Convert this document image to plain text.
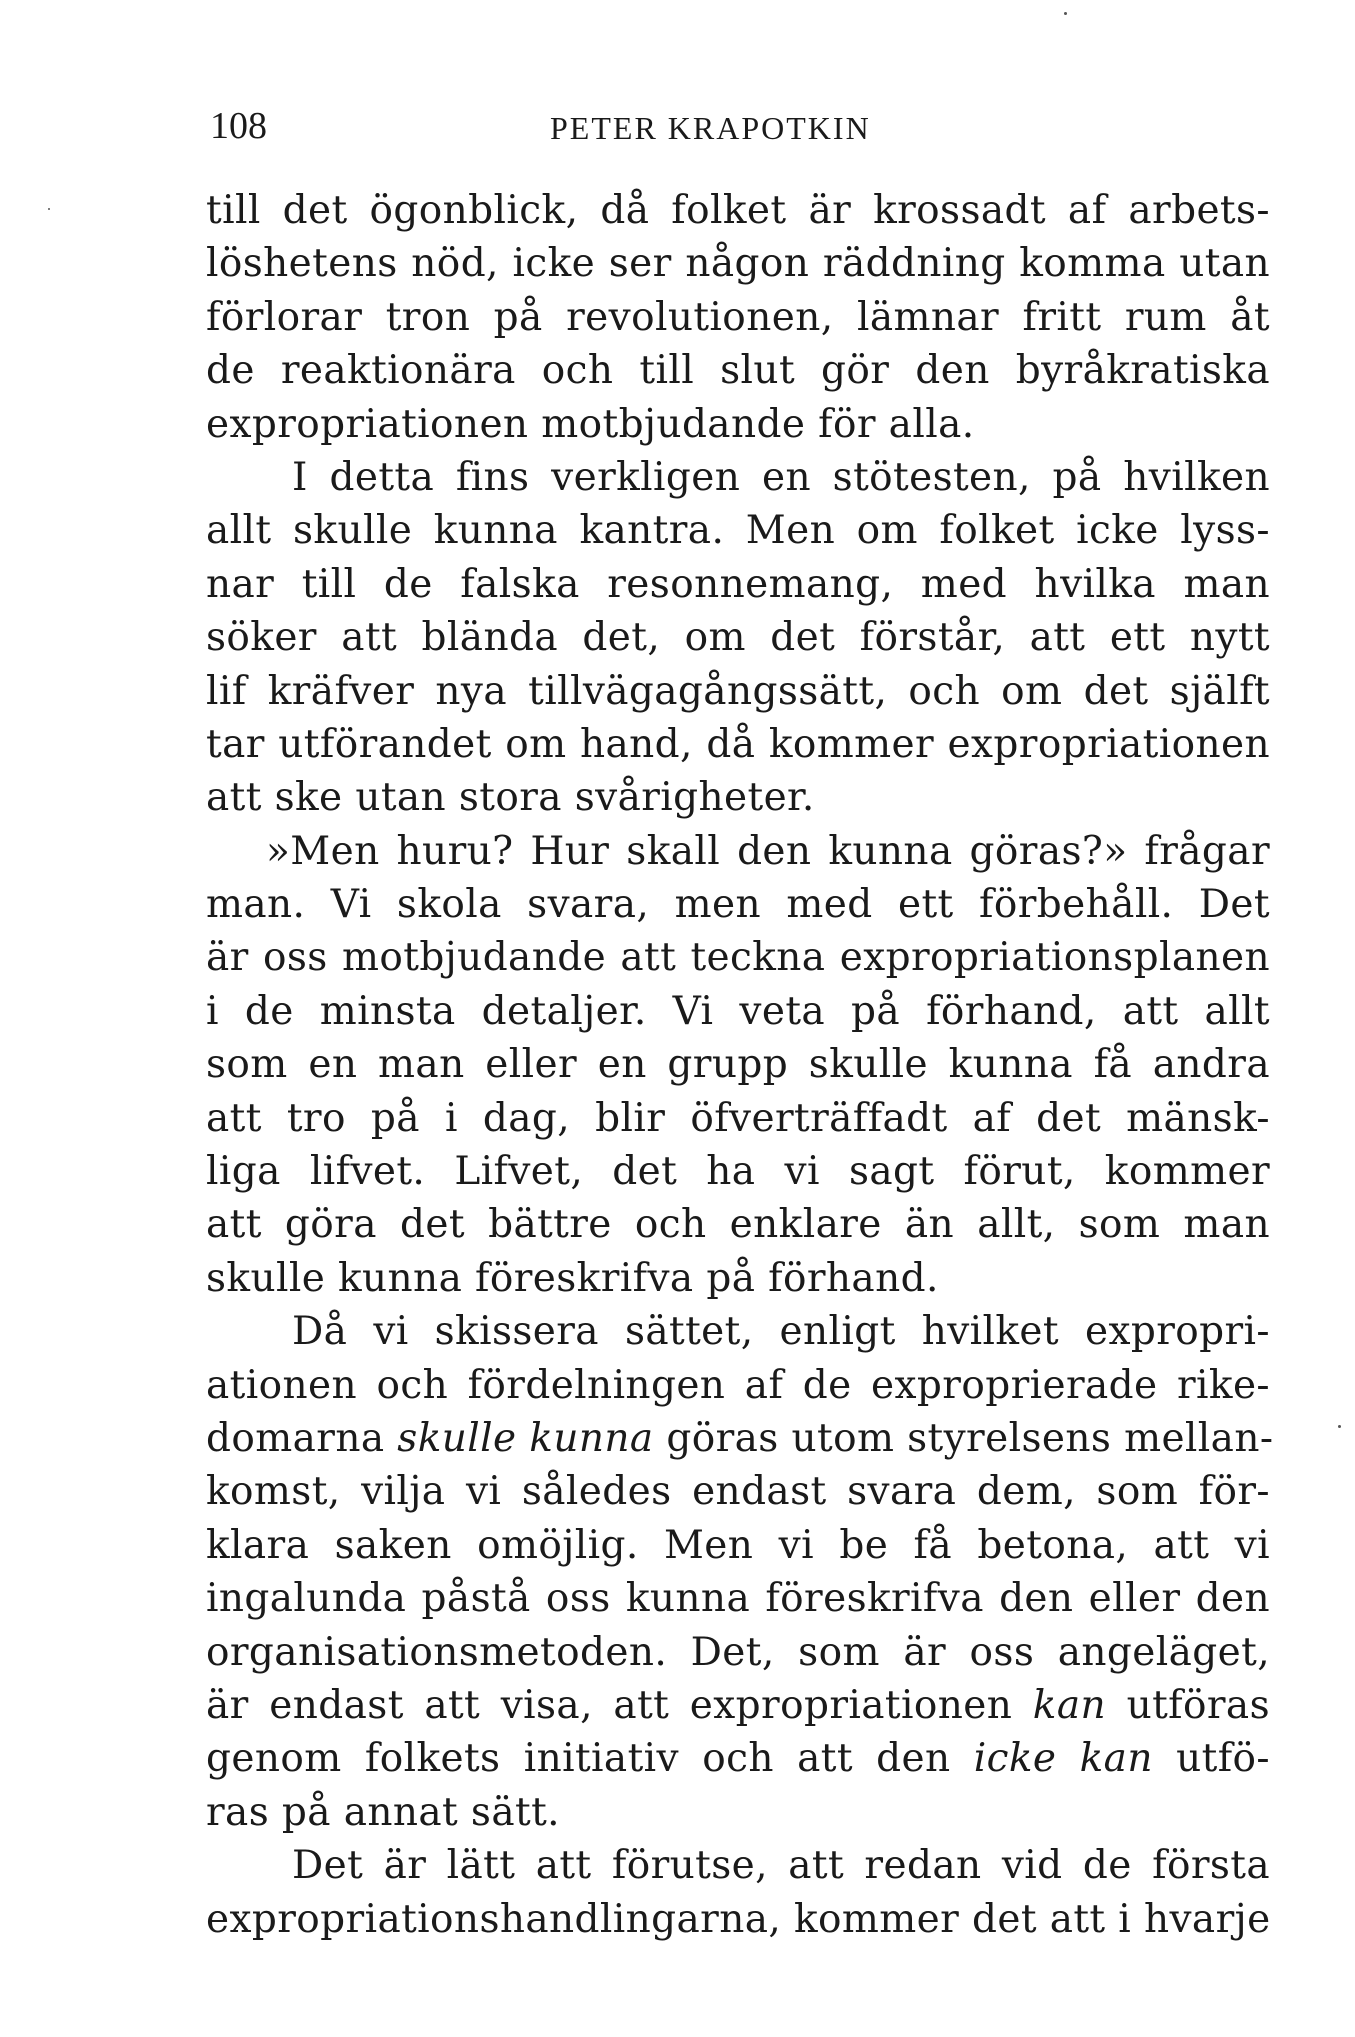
108	PETER KRAPOTKIN
till det ögonblick, då folket är krossadt af arbets-
löshetens nöd, icke ser någon räddning komma utan
förlorar tron på revolutionen, lämnar fritt rum åt
de reaktionära och till slut gör den byråkratiska
expropriationen motbjudande för alla.
I detta fins verkligen en stötesten, på hvilken
allt skulle kunna kantra. Men om folket icke lyss-
nar till de falska resonnemang, med hvilka man
söker att blända det, om det förstår, att ett nytt
lif kräfver nya tillvägagångssätt, och om det själft
tar utförandet om hand, då kommer expropriationen
att ske utan stora svårigheter.
»Men huru? Hur skall den kunna göras?» frågar
man. Vi skola svara, men med ett förbehåll. Det
är oss motbjudande att teckna expropriationsplanen
i de minsta detaljer. Vi veta på förhand, att allt
som en man eller en grupp skulle kunna få andra
att tro på i dag, blir öfverträffadt af det mänsk-
liga lifvet. Lifvet, det ha vi sagt förut, kommer
att göra det bättre och enklare än allt, som man
skulle kunna föreskrifva på förhand.
Då vi skissera sättet, enligt hvilket expropri-
ationen och fördelningen af de exproprierade rike-
domarna skulle kunna göras utom styrelsens mellan-
komst, vilja vi således endast svara dem, som för-
klara saken omöjlig. Men vi be få betona, att vi
ingalunda påstå oss kunna föreskrifva den eller den
organisationsmetoden. Det, som är oss angeläget,
är endast att visa, att expropriationen kan utföras
genom folkets initiativ och att den icke kan utfö-
ras på annat sätt.
Det är lätt att förutse, att redan vid de första
expropriationshandlingarna, kommer det att i hvarje
